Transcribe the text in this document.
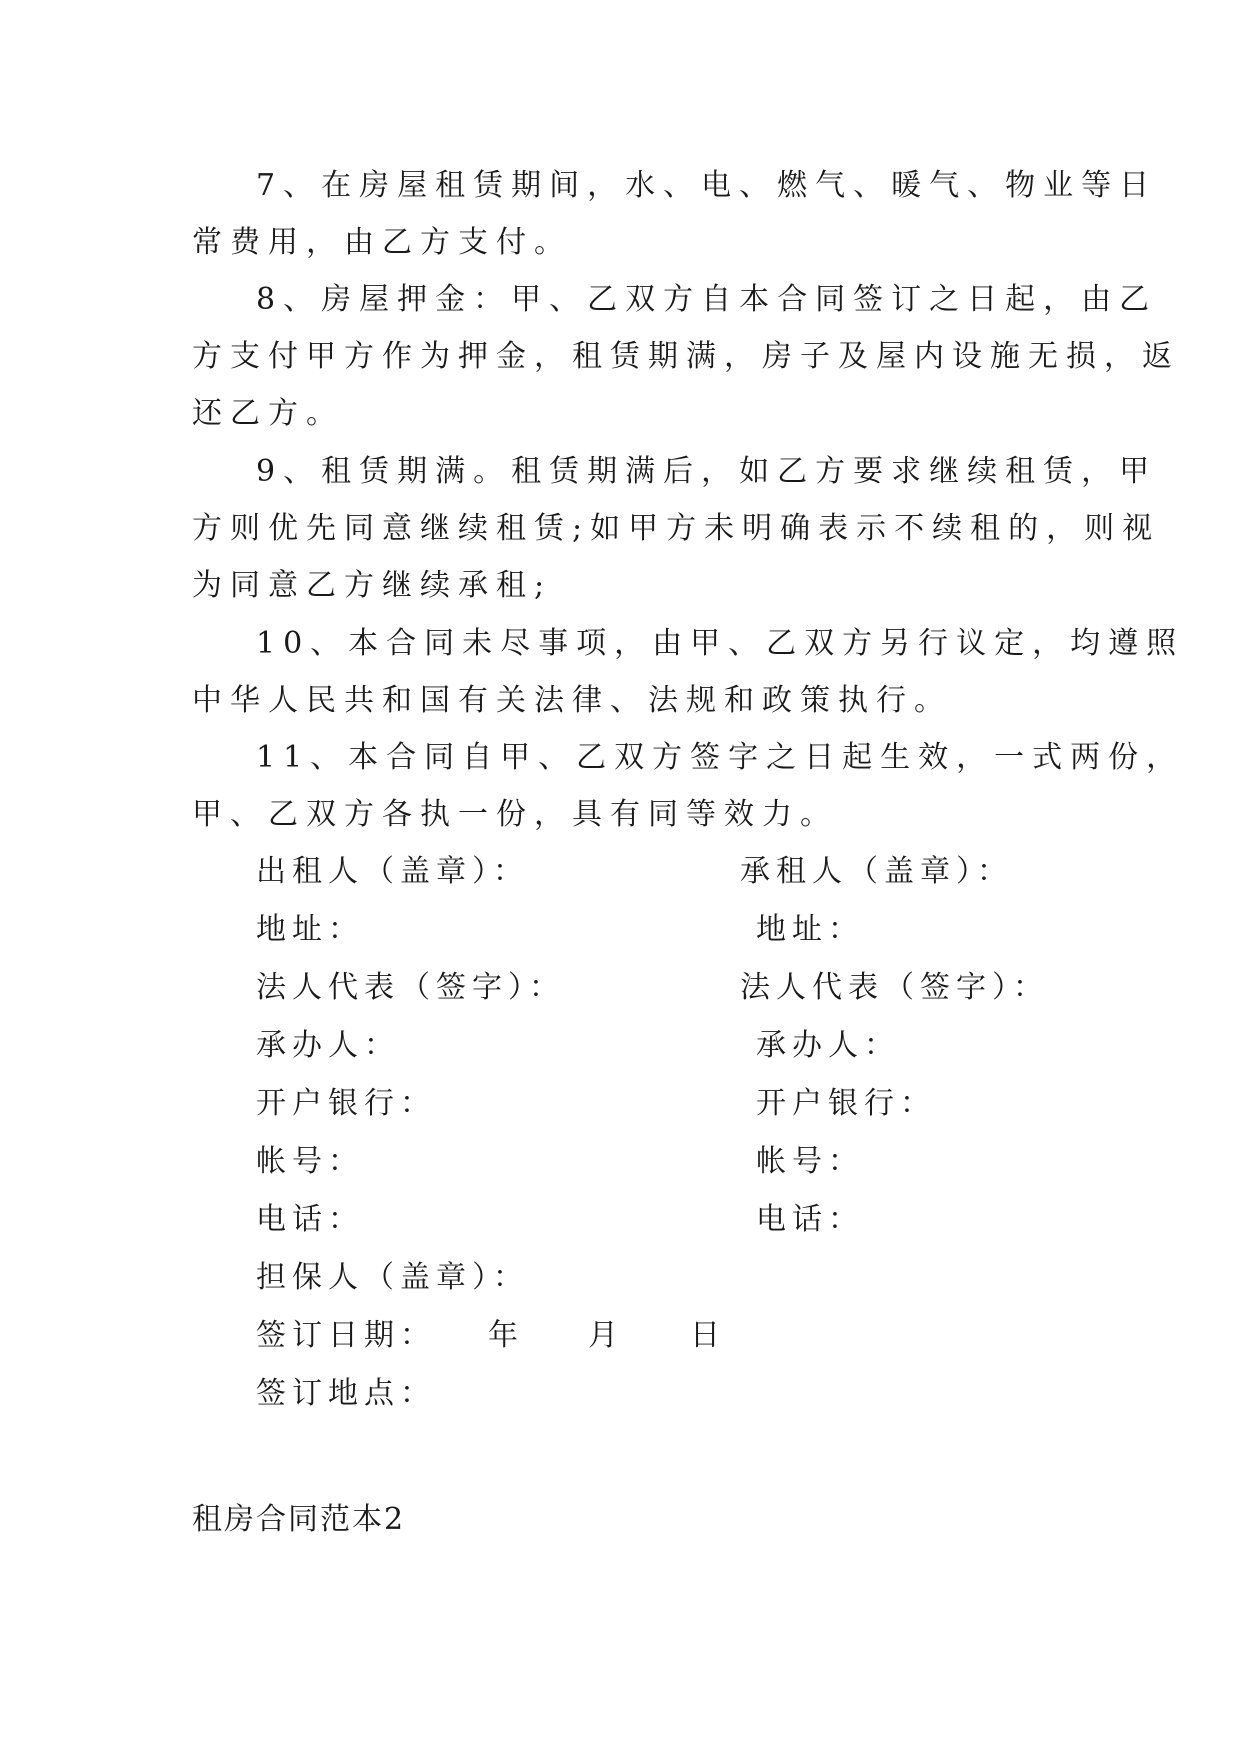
7、在房屋租赁期间，水、电、燃气、暖气、物业等日
常费用，由乙方支付。
8、房屋押金：甲、乙双方自本合同签订之日起，由乙
方支付甲方作为押金，租赁期满，房子及屋内设施无损，返
还乙方。
9、租赁期满。租赁期满后，如乙方要求继续租赁，甲
方则优先同意继续租赁;如甲方未明确表示不续租的，则视
为同意乙方继续承租;
10、本合同未尽事项，由甲、乙双方另行议定，均遵照
中华人民共和国有关法律、法规和政策执行。
11、本合同自甲、乙双方签字之日起生效，一式两份，
甲、乙双方各执一份，具有同等效力。
出租人（盖章）：
地址：
法人代表（签字）：
承办人：
开户银行：
帐号：
电话：
担保人（盖章）：
签订日期： 年 月 日
签订地点：
承租人（盖章）：
地址：
法人代表（签字）：
承办人：
开户银行：
帐号：
电话：
租房合同范本2
